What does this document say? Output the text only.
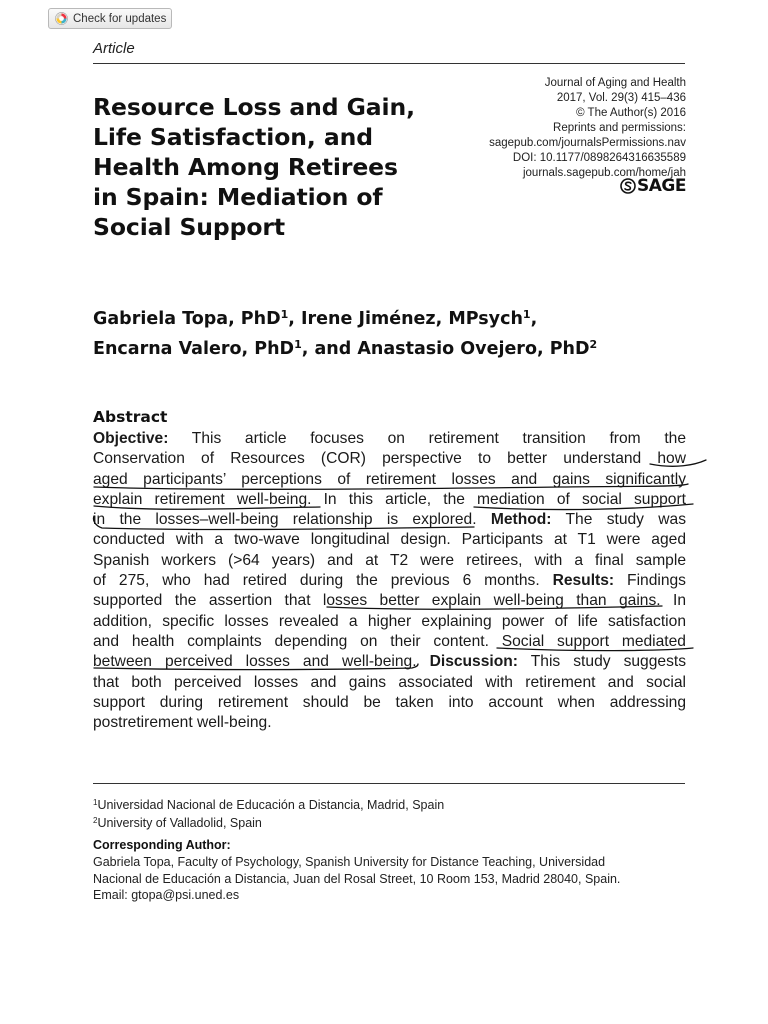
Check for updates
Article
Resource Loss and Gain,
Life Satisfaction, and
Health Among Retirees
in Spain: Mediation of
Social Support
Journal of Aging and Health
2017, Vol. 29(3) 415–436
© The Author(s) 2016
Reprints and permissions:
sagepub.com/journalsPermissions.nav
DOI: 10.1177/0898264316635589
journals.sagepub.com/home/jah
SAGE
Gabriela Topa, PhD$^1$, Irene Jiménez, MPsych$^1$,
Encarna Valero, PhD$^1$, and Anastasio Ovejero, PhD$^2$
Abstract
Objective: This article focuses on retirement transition from the
Conservation of Resources (COR) perspective to better understand how
aged participants’ perceptions of retirement losses and gains significantly
explain retirement well-being. In this article, the mediation of social support
in the losses–well-being relationship is explored. Method: The study was
conducted with a two-wave longitudinal design. Participants at T1 were aged
Spanish workers (>64 years) and at T2 were retirees, with a final sample
of 275, who had retired during the previous 6 months. Results: Findings
supported the assertion that losses better explain well-being than gains. In
addition, specific losses revealed a higher explaining power of life satisfaction
and health complaints depending on their content. Social support mediated
between perceived losses and well-being. Discussion: This study suggests
that both perceived losses and gains associated with retirement and social
support during retirement should be taken into account when addressing
postretirement well-being.
$^1$Universidad Nacional de Educación a Distancia, Madrid, Spain
$^2$University of Valladolid, Spain
Corresponding Author:
Gabriela Topa, Faculty of Psychology, Spanish University for Distance Teaching, Universidad
Nacional de Educación a Distancia, Juan del Rosal Street, 10 Room 153, Madrid 28040, Spain.
Email: gtopa@psi.uned.es
